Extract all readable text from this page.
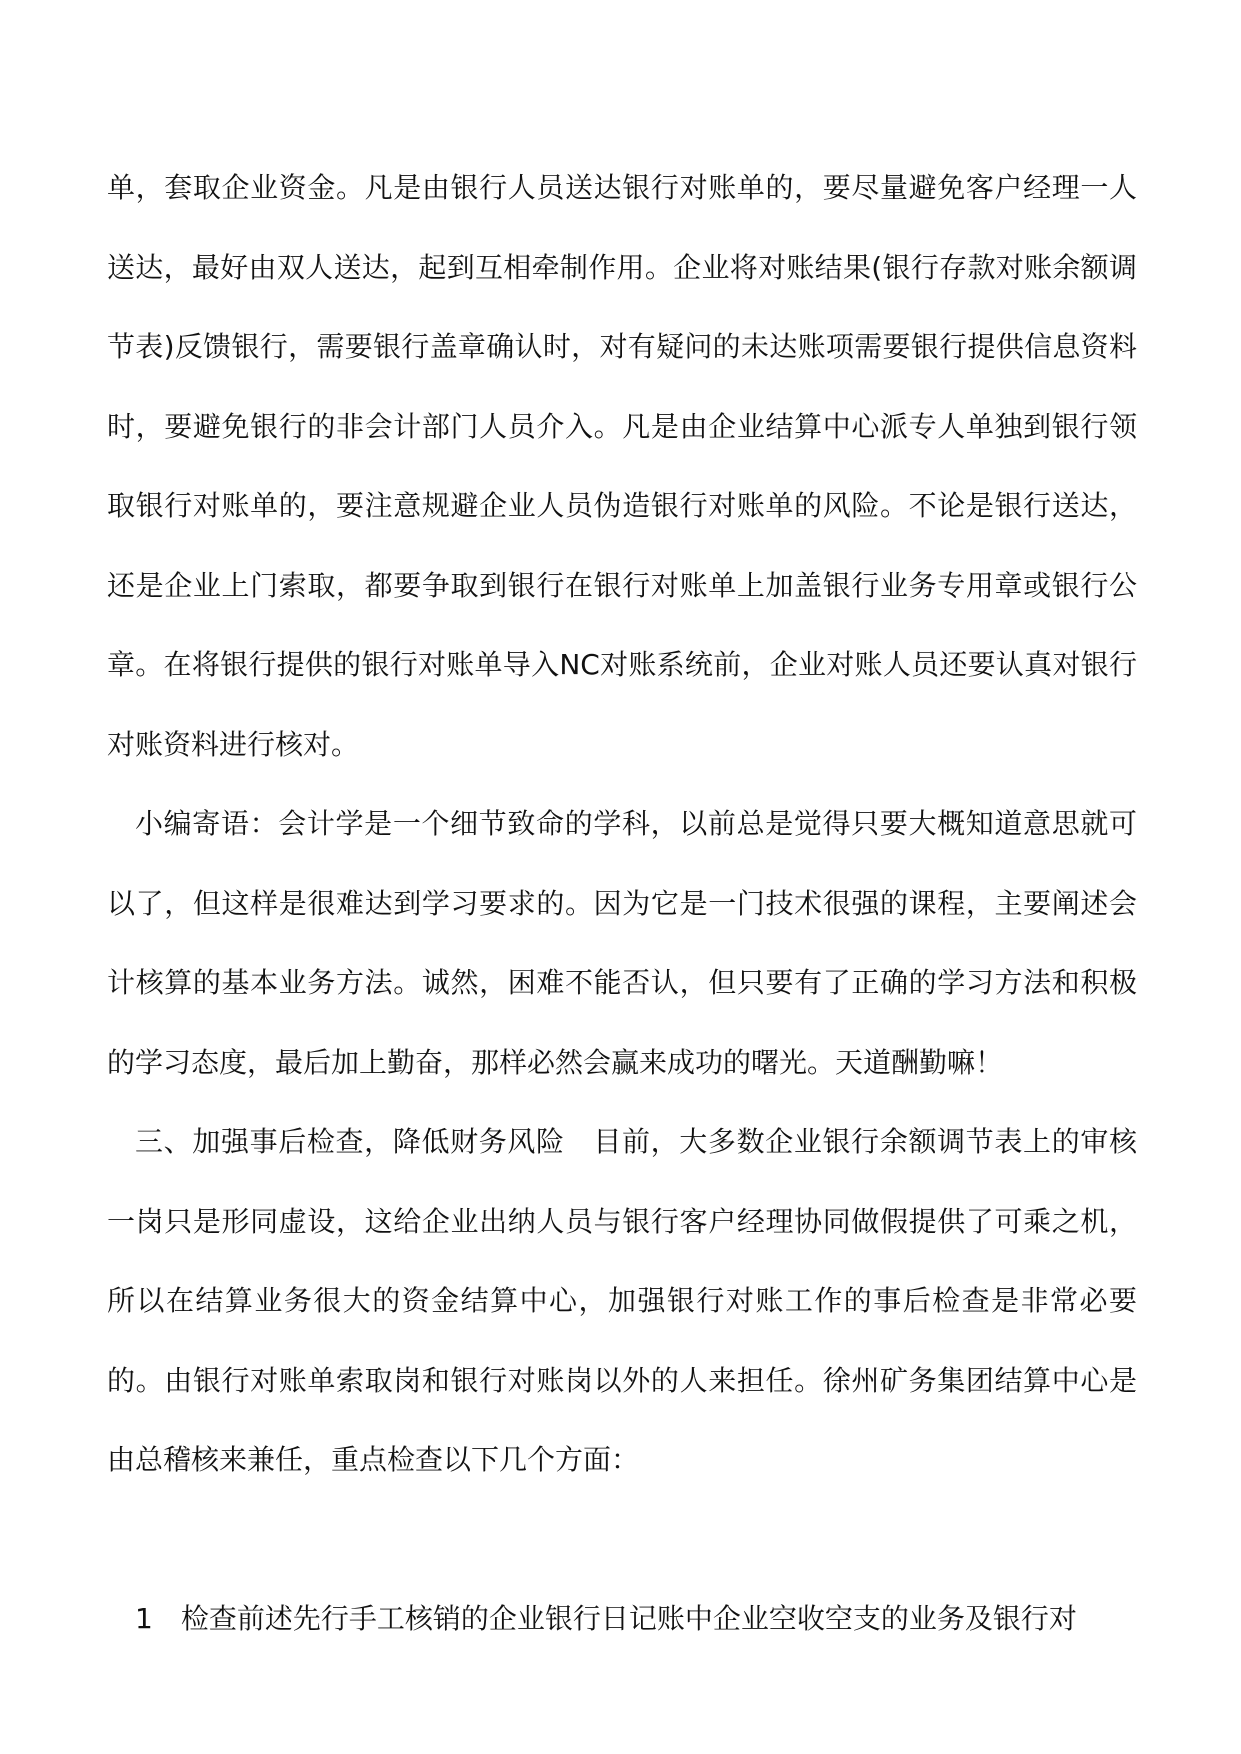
单，套取企业资金。凡是由银行人员送达银行对账单的，要尽量避免客户经理一人送达，最好由双人送达，起到互相牵制作用。企业将对账结果(银行存款对账余额调节表)反馈银行，需要银行盖章确认时，对有疑问的未达账项需要银行提供信息资料时，要避免银行的非会计部门人员介入。凡是由企业结算中心派专人单独到银行领取银行对账单的，要注意规避企业人员伪造银行对账单的风险。不论是银行送达，还是企业上门索取，都要争取到银行在银行对账单上加盖银行业务专用章或银行公章。在将银行提供的银行对账单导入NC对账系统前，企业对账人员还要认真对银行对账资料进行核对。

小编寄语：会计学是一个细节致命的学科，以前总是觉得只要大概知道意思就可以了，但这样是很难达到学习要求的。因为它是一门技术很强的课程，主要阐述会计核算的基本业务方法。诚然，困难不能否认，但只要有了正确的学习方法和积极的学习态度，最后加上勤奋，那样必然会赢来成功的曙光。天道酬勤嘛！

三、加强事后检查，降低财务风险　目前，大多数企业银行余额调节表上的审核一岗只是形同虚设，这给企业出纳人员与银行客户经理协同做假提供了可乘之机，所以在结算业务很大的资金结算中心，加强银行对账工作的事后检查是非常必要的。由银行对账单索取岗和银行对账岗以外的人来担任。徐州矿务集团结算中心是由总稽核来兼任，重点检查以下几个方面：

1　检查前述先行手工核销的企业银行日记账中企业空收空支的业务及银行对
